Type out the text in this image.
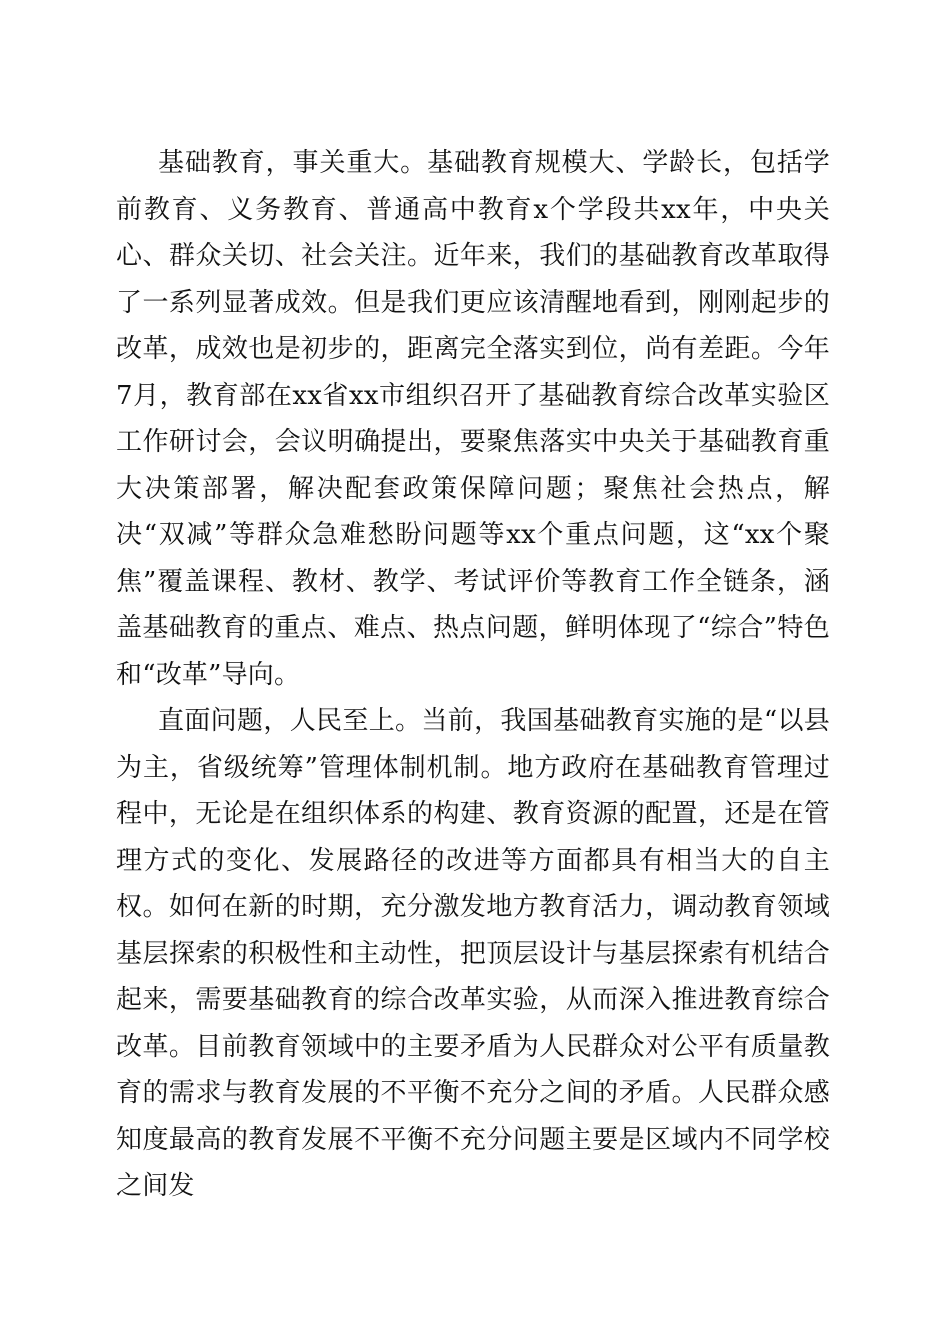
基础教育，事关重大。基础教育规模大、学龄长，包括学前教育、义务教育、普通高中教育x个学段共xx年，中央关心、群众关切、社会关注。近年来，我们的基础教育改革取得了一系列显著成效。但是我们更应该清醒地看到，刚刚起步的改革，成效也是初步的，距离完全落实到位，尚有差距。今年7月，教育部在xx省xx市组织召开了基础教育综合改革实验区工作研讨会，会议明确提出，要聚焦落实中央关于基础教育重大决策部署，解决配套政策保障问题；聚焦社会热点，解决“双减”等群众急难愁盼问题等xx个重点问题，这“xx个聚焦”覆盖课程、教材、教学、考试评价等教育工作全链条，涵盖基础教育的重点、难点、热点问题，鲜明体现了“综合”特色和“改革”导向。

直面问题，人民至上。当前，我国基础教育实施的是“以县为主，省级统筹”管理体制机制。地方政府在基础教育管理过程中，无论是在组织体系的构建、教育资源的配置，还是在管理方式的变化、发展路径的改进等方面都具有相当大的自主权。如何在新的时期，充分激发地方教育活力，调动教育领域基层探索的积极性和主动性，把顶层设计与基层探索有机结合起来，需要基础教育的综合改革实验，从而深入推进教育综合改革。目前教育领域中的主要矛盾为人民群众对公平有质量教育的需求与教育发展的不平衡不充分之间的矛盾。人民群众感知度最高的教育发展不平衡不充分问题主要是区域内不同学校之间发
